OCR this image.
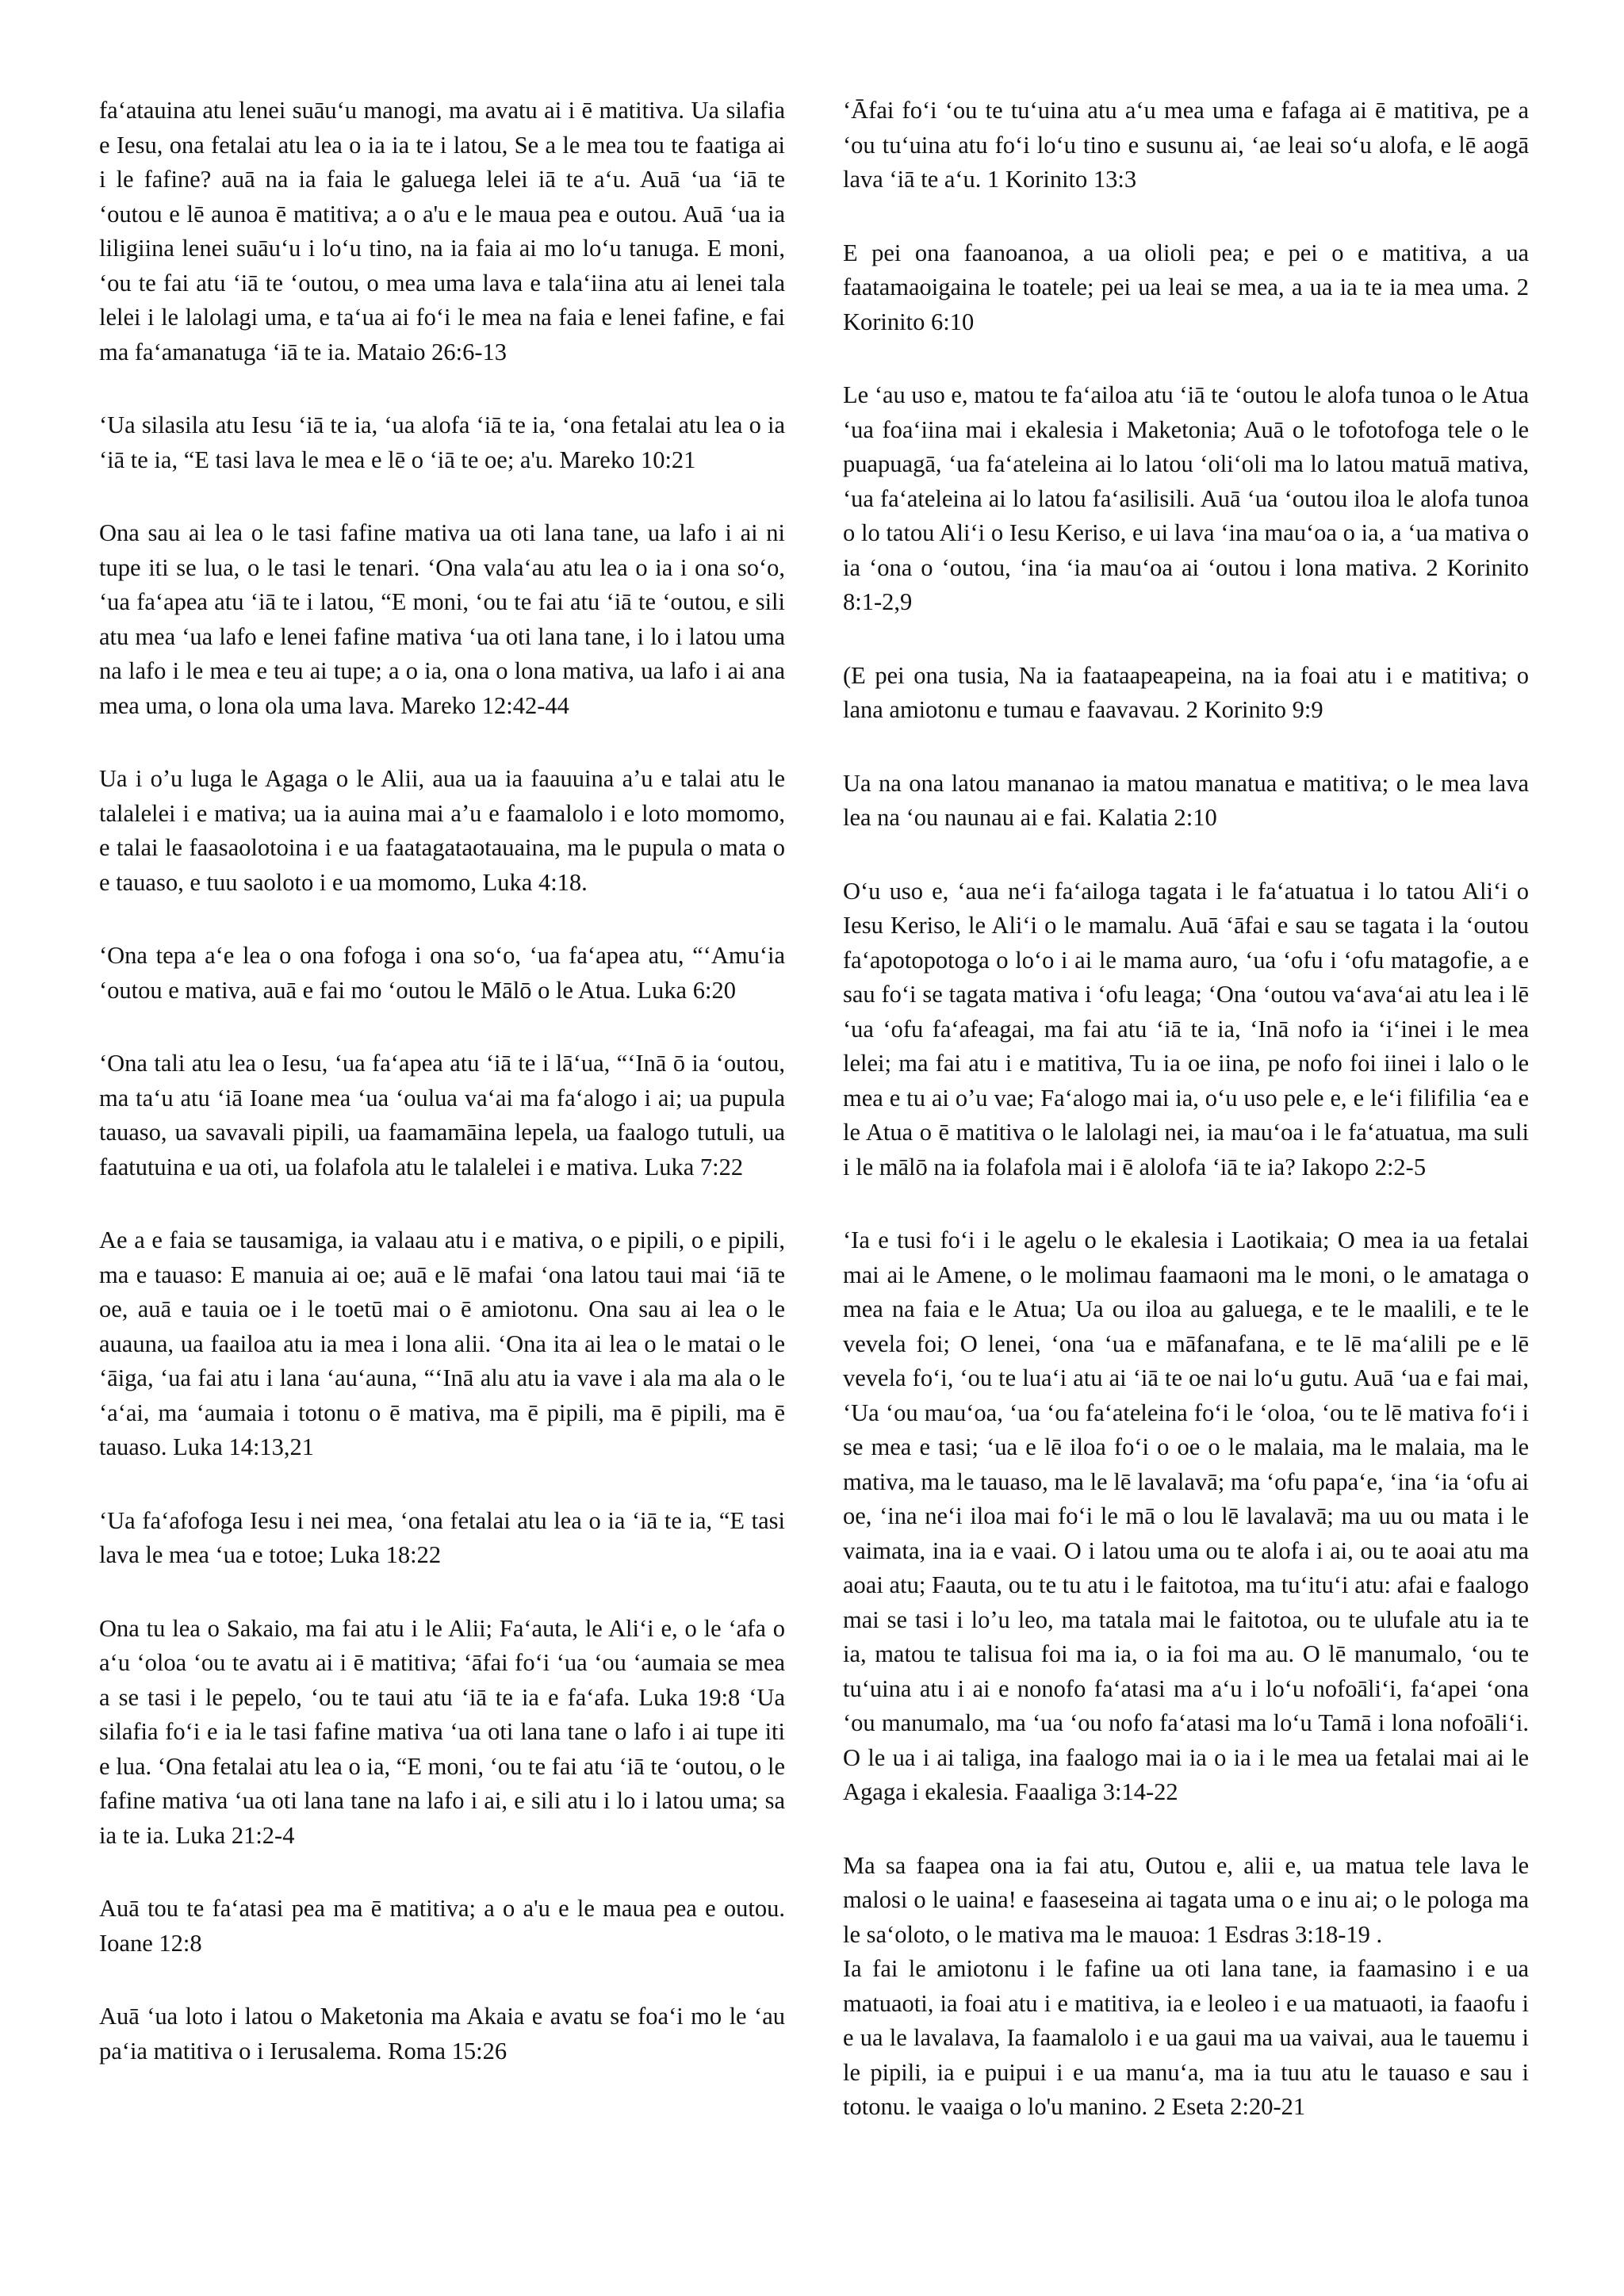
faʻatauina atu lenei suāuʻu manogi, ma avatu ai i ē matitiva. Ua silafia e Iesu, ona fetalai atu lea o ia ia te i latou, Se a le mea tou te faatiga ai i le fafine? auā na ia faia le galuega lelei iā te aʻu. Auā ʻua ʻiā te ʻoutou e lē aunoa ē matitiva; a o a'u e le maua pea e outou. Auā ʻua ia liligiina lenei suāuʻu i loʻu tino, na ia faia ai mo loʻu tanuga. E moni, ʻou te fai atu ʻiā te ʻoutou, o mea uma lava e talaʻiina atu ai lenei tala lelei i le lalolagi uma, e taʻua ai foʻi le mea na faia e lenei fafine, e fai ma faʻamanatuga ʻiā te ia. Mataio 26:6-13

ʻUa silasila atu Iesu ʻiā te ia, ʻua alofa ʻiā te ia, ʻona fetalai atu lea o ia ʻiā te ia, “E tasi lava le mea e lē o ʻiā te oe; a'u. Mareko 10:21

Ona sau ai lea o le tasi fafine mativa ua oti lana tane, ua lafo i ai ni tupe iti se lua, o le tasi le tenari. ʻOna valaʻau atu lea o ia i ona soʻo, ʻua faʻapea atu ʻiā te i latou, “E moni, ʻou te fai atu ʻiā te ʻoutou, e sili atu mea ʻua lafo e lenei fafine mativa ʻua oti lana tane, i lo i latou uma na lafo i le mea e teu ai tupe; a o ia, ona o lona mativa, ua lafo i ai ana mea uma, o lona ola uma lava. Mareko 12:42-44

Ua i oʼu luga le Agaga o le Alii, aua ua ia faauuina aʼu e talai atu le talalelei i e mativa; ua ia auina mai aʼu e faamalolo i e loto momomo, e talai le faasaolotoina i e ua faatagataotauaina, ma le pupula o mata o e tauaso, e tuu saoloto i e ua momomo, Luka 4:18.

ʻOna tepa aʻe lea o ona fofoga i ona soʻo, ʻua faʻapea atu, “ʻAmuʻia ʻoutou e mativa, auā e fai mo ʻoutou le Mālō o le Atua. Luka 6:20

ʻOna tali atu lea o Iesu, ʻua faʻapea atu ʻiā te i lāʻua, “ʻInā ō ia ʻoutou, ma taʻu atu ʻiā Ioane mea ʻua ʻoulua vaʻai ma faʻalogo i ai; ua pupula tauaso, ua savavali pipili, ua faamamāina lepela, ua faalogo tutuli, ua faatutuina e ua oti, ua folafola atu le talalelei i e mativa. Luka 7:22

Ae a e faia se tausamiga, ia valaau atu i e mativa, o e pipili, o e pipili, ma e tauaso: E manuia ai oe; auā e lē mafai ʻona latou taui mai ʻiā te oe, auā e tauia oe i le toetū mai o ē amiotonu. Ona sau ai lea o le auauna, ua faailoa atu ia mea i lona alii. ʻOna ita ai lea o le matai o le ʻāiga, ʻua fai atu i lana ʻauʻauna, “ʻInā alu atu ia vave i ala ma ala o le ʻaʻai, ma ʻaumaia i totonu o ē mativa, ma ē pipili, ma ē pipili, ma ē tauaso. Luka 14:13,21

ʻUa faʻafofoga Iesu i nei mea, ʻona fetalai atu lea o ia ʻiā te ia, “E tasi lava le mea ʻua e totoe; Luka 18:22

Ona tu lea o Sakaio, ma fai atu i le Alii; Faʻauta, le Aliʻi e, o le ʻafa o aʻu ʻoloa ʻou te avatu ai i ē matitiva; ʻāfai foʻi ʻua ʻou ʻaumaia se mea a se tasi i le pepelo, ʻou te taui atu ʻiā te ia e faʻafa. Luka 19:8 ʻUa silafia foʻi e ia le tasi fafine mativa ʻua oti lana tane o lafo i ai tupe iti e lua. ʻOna fetalai atu lea o ia, “E moni, ʻou te fai atu ʻiā te ʻoutou, o le fafine mativa ʻua oti lana tane na lafo i ai, e sili atu i lo i latou uma; sa ia te ia. Luka 21:2-4

Auā tou te faʻatasi pea ma ē matitiva; a o a'u e le maua pea e outou. Ioane 12:8

Auā ʻua loto i latou o Maketonia ma Akaia e avatu se foaʻi mo le ʻau paʻia matitiva o i Ierusalema. Roma 15:26

ʻĀfai foʻi ʻou te tuʻuina atu aʻu mea uma e fafaga ai ē matitiva, pe a ʻou tuʻuina atu foʻi loʻu tino e susunu ai, ʻae leai soʻu alofa, e lē aogā lava ʻiā te aʻu. 1 Korinito 13:3

E pei ona faanoanoa, a ua olioli pea; e pei o e matitiva, a ua faatamaoigaina le toatele; pei ua leai se mea, a ua ia te ia mea uma. 2 Korinito 6:10

Le ʻau uso e, matou te faʻailoa atu ʻiā te ʻoutou le alofa tunoa o le Atua ʻua foaʻiina mai i ekalesia i Maketonia; Auā o le tofotofoga tele o le puapuagā, ʻua faʻateleina ai lo latou ʻoliʻoli ma lo latou matuā mativa, ʻua faʻateleina ai lo latou faʻasilisili. Auā ʻua ʻoutou iloa le alofa tunoa o lo tatou Aliʻi o Iesu Keriso, e ui lava ʻina mauʻoa o ia, a ʻua mativa o ia ʻona o ʻoutou, ʻina ʻia mauʻoa ai ʻoutou i lona mativa. 2 Korinito 8:1-2,9

(E pei ona tusia, Na ia faataapeapeina, na ia foai atu i e matitiva; o lana amiotonu e tumau e faavavau. 2 Korinito 9:9

Ua na ona latou mananao ia matou manatua e matitiva; o le mea lava lea na ʻou naunau ai e fai. Kalatia 2:10

Oʻu uso e, ʻaua neʻi faʻailoga tagata i le faʻatuatua i lo tatou Aliʻi o Iesu Keriso, le Aliʻi o le mamalu. Auā ʻāfai e sau se tagata i la ʻoutou faʻapotopotoga o loʻo i ai le mama auro, ʻua ʻofu i ʻofu matagofie, a e sau foʻi se tagata mativa i ʻofu leaga; ʻOna ʻoutou vaʻavaʻai atu lea i lē ʻua ʻofu faʻafeagai, ma fai atu ʻiā te ia, ʻInā nofo ia ʻiʻinei i le mea lelei; ma fai atu i e matitiva, Tu ia oe iina, pe nofo foi iinei i lalo o le mea e tu ai oʼu vae; Faʻalogo mai ia, oʻu uso pele e, e leʻi filifilia ʻea e le Atua o ē matitiva o le lalolagi nei, ia mauʻoa i le faʻatuatua, ma suli i le mālō na ia folafola mai i ē alolofa ʻiā te ia? Iakopo 2:2-5

ʻIa e tusi foʻi i le agelu o le ekalesia i Laotikaia; O mea ia ua fetalai mai ai le Amene, o le molimau faamaoni ma le moni, o le amataga o mea na faia e le Atua; Ua ou iloa au galuega, e te le maalili, e te le vevela foi; O lenei, ʻona ʻua e māfanafana, e te lē maʻalili pe e lē vevela foʻi, ʻou te luaʻi atu ai ʻiā te oe nai loʻu gutu. Auā ʻua e fai mai, ʻUa ʻou mauʻoa, ʻua ʻou faʻateleina foʻi le ʻoloa, ʻou te lē mativa foʻi i se mea e tasi; ʻua e lē iloa foʻi o oe o le malaia, ma le malaia, ma le mativa, ma le tauaso, ma le lē lavalavā; ma ʻofu papaʻe, ʻina ʻia ʻofu ai oe, ʻina neʻi iloa mai foʻi le mā o lou lē lavalavā; ma uu ou mata i le vaimata, ina ia e vaai. O i latou uma ou te alofa i ai, ou te aoai atu ma aoai atu; Faauta, ou te tu atu i le faitotoa, ma tuʻituʻi atu: afai e faalogo mai se tasi i loʼu leo, ma tatala mai le faitotoa, ou te ulufale atu ia te ia, matou te talisua foi ma ia, o ia foi ma au. O lē manumalo, ʻou te tuʻuina atu i ai e nonofo faʻatasi ma aʻu i loʻu nofoāliʻi, faʻapei ʻona ʻou manumalo, ma ʻua ʻou nofo faʻatasi ma loʻu Tamā i lona nofoāliʻi. O le ua i ai taliga, ina faalogo mai ia o ia i le mea ua fetalai mai ai le Agaga i ekalesia. Faaaliga 3:14-22

Ma sa faapea ona ia fai atu, Outou e, alii e, ua matua tele lava le malosi o le uaina! e faaseseina ai tagata uma o e inu ai; o le pologa ma le saʻoloto, o le mativa ma le mauoa: 1 Esdras 3:18-19 .
Ia fai le amiotonu i le fafine ua oti lana tane, ia faamasino i e ua matuaoti, ia foai atu i e matitiva, ia e leoleo i e ua matuaoti, ia faaofu i e ua le lavalava, Ia faamalolo i e ua gaui ma ua vaivai, aua le tauemu i le pipili, ia e puipui i e ua manuʻa, ma ia tuu atu le tauaso e sau i totonu. le vaaiga o lo'u manino. 2 Eseta 2:20-21
